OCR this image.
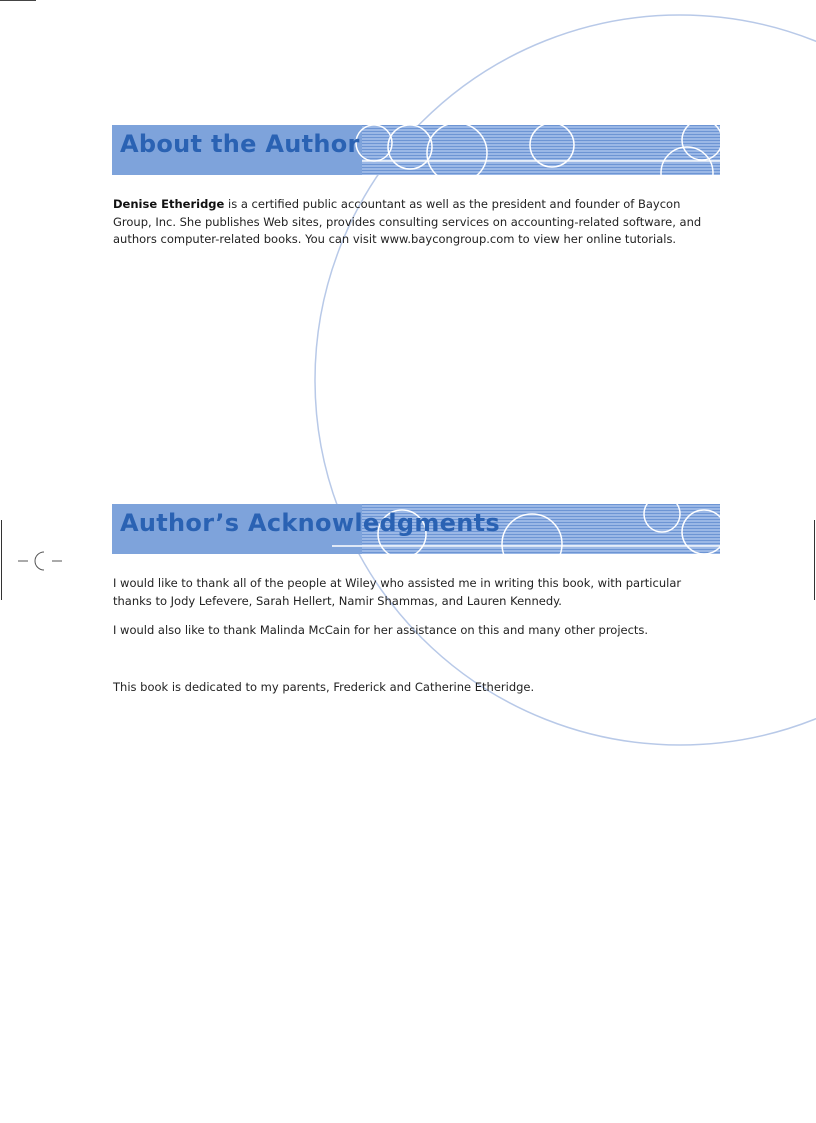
About the Author

Denise Etheridge is a certified public accountant as well as the president and founder of Baycon Group, Inc. She publishes Web sites, provides consulting services on accounting-related software, and authors computer-related books. You can visit www.baycongroup.com to view her online tutorials.

Author’s Acknowledgments

I would like to thank all of the people at Wiley who assisted me in writing this book, with particular thanks to Jody Lefevere, Sarah Hellert, Namir Shammas, and Lauren Kennedy.

I would also like to thank Malinda McCain for her assistance on this and many other projects.

This book is dedicated to my parents, Frederick and Catherine Etheridge.
